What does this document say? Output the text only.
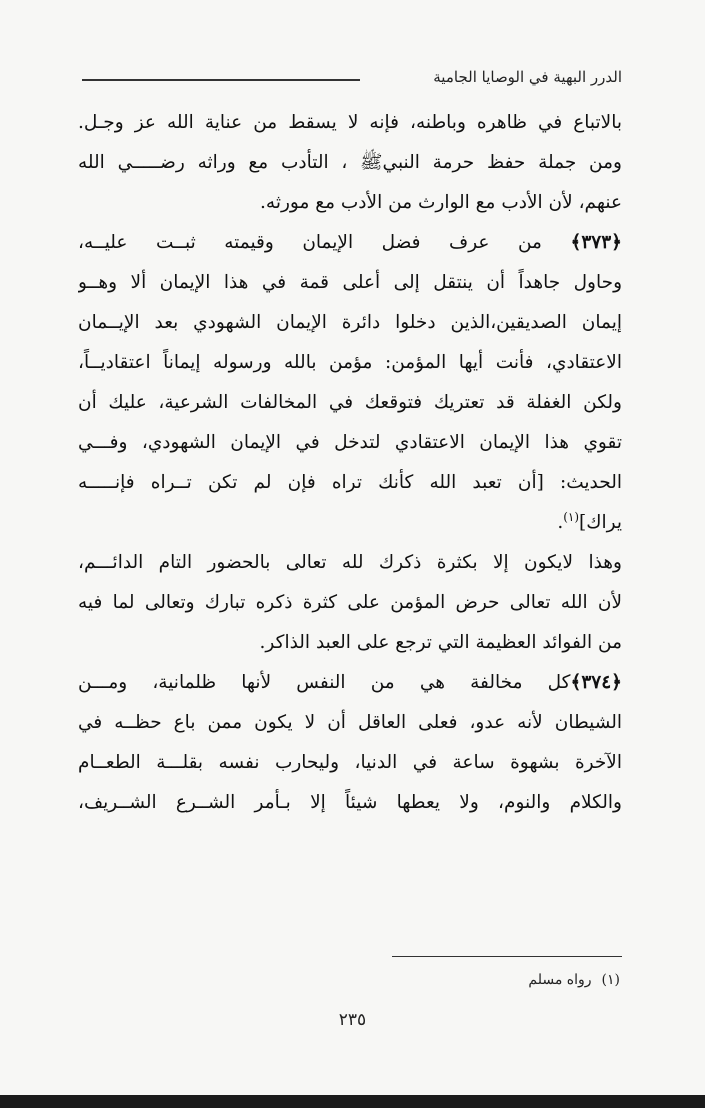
الدرر البهية في الوصايا الجامية
بالاتباع في ظاهره وباطنه، فإنه لا يسقط من عناية الله عز وجـل.
ومن جملة حفظ حرمة النبيﷺ ، التأدب مع وراثه رضـــــي الله
عنهم، لأن الأدب مع الوارث من الأدب مع مورثه.
﴿٣٧٣﴾ من عرف فضل الإيمان وقيمته ثبــت عليــه،
وحاول جاهداً أن ينتقل إلى أعلى قمة في هذا الإيمان ألا وهــو
إيمان الصديقين،الذين دخلوا دائرة الإيمان الشهودي بعد الإيــمان
الاعتقادي، فأنت أيها المؤمن: مؤمن بالله ورسوله إيماناً اعتقاديــاً،
ولكن الغفلة قد تعتريك فتوقعك في المخالفات الشرعية، عليك أن
تقوي هذا الإيمان الاعتقادي لتدخل في الإيمان الشهودي، وفـــي
الحديث: [أن تعبد الله كأنك تراه فإن لم تكن تــراه فإنـــــه
يراك]$^{(١)}$.
وهذا لايكون إلا بكثرة ذكرك لله تعالى بالحضور التام الدائـــم،
لأن الله تعالى حرض المؤمن على كثرة ذكره تبارك وتعالى لما فيه
من الفوائد العظيمة التي ترجع على العبد الذاكر.
﴿٣٧٤﴾كل مخالفة هي من النفس لأنها ظلمانية، ومـــن
الشيطان لأنه عدو، فعلى العاقل أن لا يكون ممن باع حظــه في
الآخرة بشهوة ساعة في الدنيا، وليحارب نفسه بقلـــة الطعــام
والكلام والنوم، ولا يعطها شيئاً إلا بـأمر الشــرع الشــريف،
(١)رواه مسلم
٢٣٥
